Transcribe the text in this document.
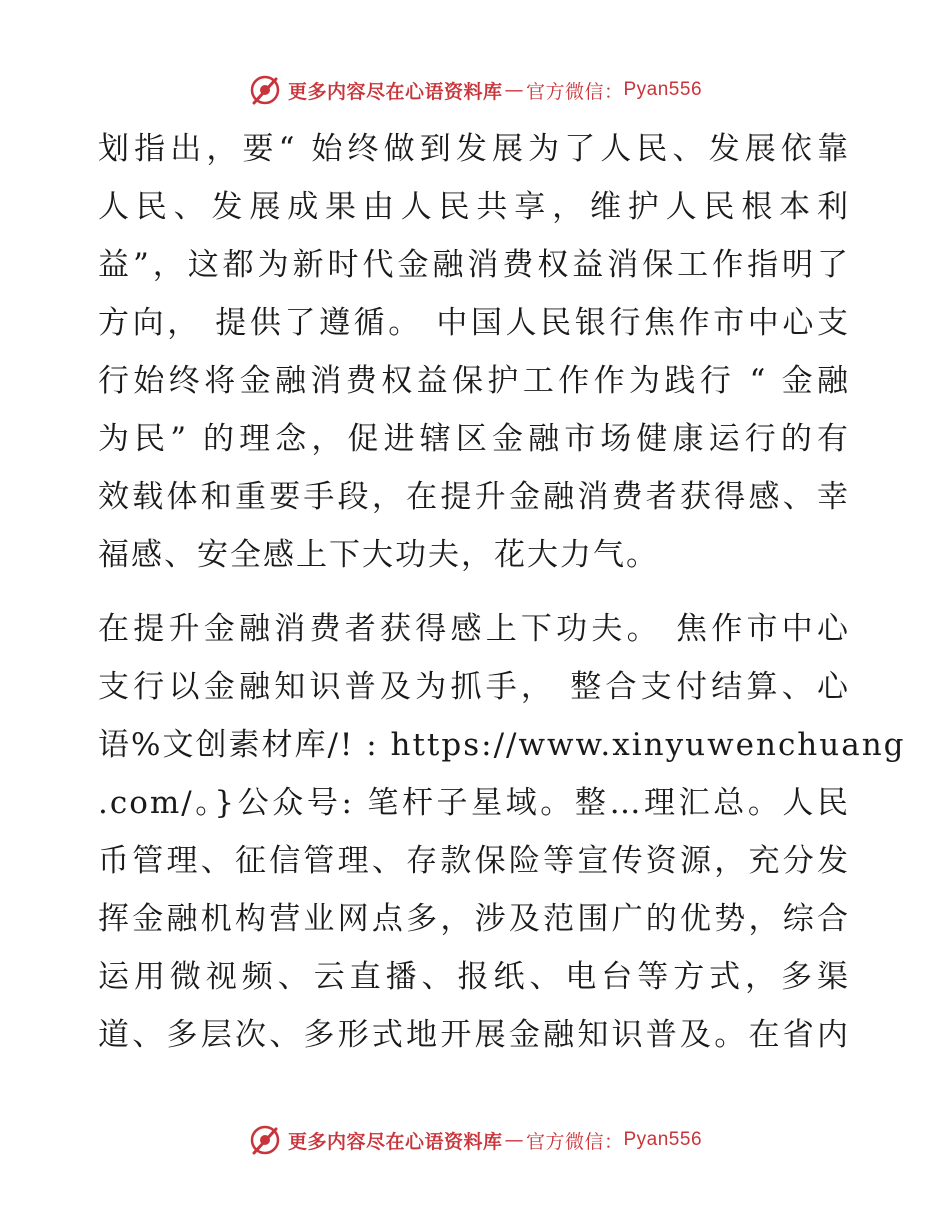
更多内容尽在心语资料库 — 官方微信： Pyan556

划指出，要“ 始终做到发展为了人民、发展依靠
人民、发展成果由人民共享，维护人民根本利
益”，这都为新时代金融消费权益消保工作指明了
方向， 提供了遵循。 中国人民银行焦作市中心支
行始终将金融消费权益保护工作作为践行 “ 金融
为民” 的理念，促进辖区金融市场健康运行的有
效载体和重要手段，在提升金融消费者获得感、幸
福感、安全感上下大功夫，花大力气。

在提升金融消费者获得感上下功夫。 焦作市中心
支行以金融知识普及为抓手， 整合支付结算、心
语%文创素材库/! : https://www.xinyuwenchuang
.com/。}公众号: 笔杆子星域。整…理汇总。人民
币管理、征信管理、存款保险等宣传资源，充分发
挥金融机构营业网点多，涉及范围广的优势，综合
运用微视频、云直播、报纸、电台等方式，多渠
道、多层次、多形式地开展金融知识普及。在省内

更多内容尽在心语资料库 — 官方微信： Pyan556
